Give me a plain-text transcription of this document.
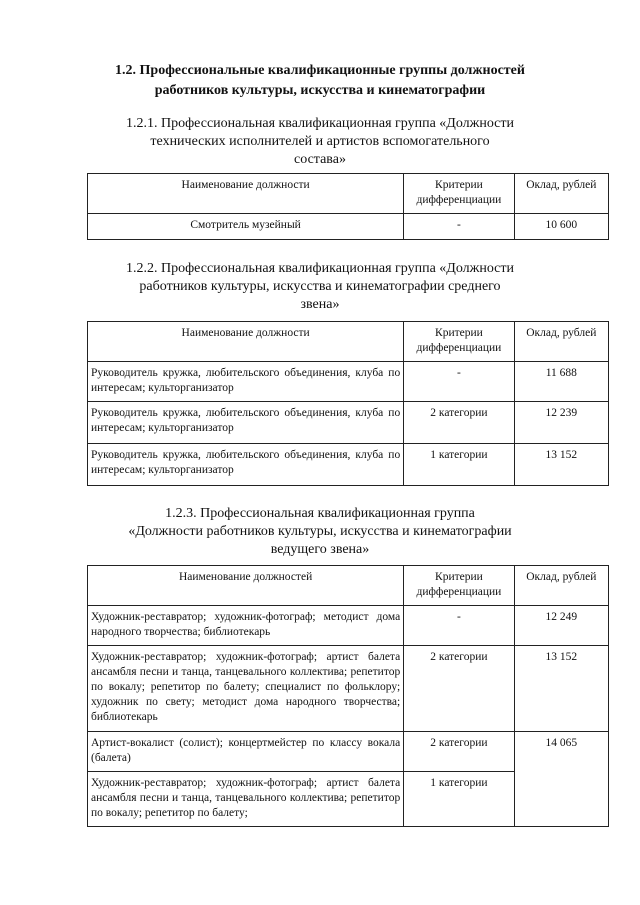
1.2. Профессиональные квалификационные группы должностей
работников культуры, искусства и кинематографии
1.2.1. Профессиональная квалификационная группа «Должности
технических исполнителей и артистов вспомогательного
состава»
Наименование должности	Критерии дифференциации	Оклад, рублей
Смотритель музейный	-	10 600
1.2.2. Профессиональная квалификационная группа «Должности
работников культуры, искусства и кинематографии среднего
звена»
Наименование должности	Критерии дифференциации	Оклад, рублей
Руководитель кружка, любительского объединения, клуба по интересам; культорганизатор	-	11 688
Руководитель кружка, любительского объединения, клуба по интересам; культорганизатор	2 категории	12 239
Руководитель кружка, любительского объединения, клуба по интересам; культорганизатор	1 категории	13 152
1.2.3. Профессиональная квалификационная группа
«Должности работников культуры, искусства и кинематографии
ведущего звена»
Наименование должностей	Критерии дифференциации	Оклад, рублей
Художник-реставратор; художник-фотограф; методист дома народного творчества; библиотекарь	-	12 249
Художник-реставратор; художник-фотограф; артист балета ансамбля песни и танца, танцевального коллектива; репетитор по вокалу; репетитор по балету; специалист по фольклору; художник по свету; методист дома народного творчества; библиотекарь	2 категории	13 152
Артист-вокалист (солист); концертмейстер по классу вокала (балета)	2 категории	14 065
Художник-реставратор; художник-фотограф; артист балета ансамбля песни и танца, танцевального коллектива; репетитор по вокалу; репетитор по балету;	1 категории	
